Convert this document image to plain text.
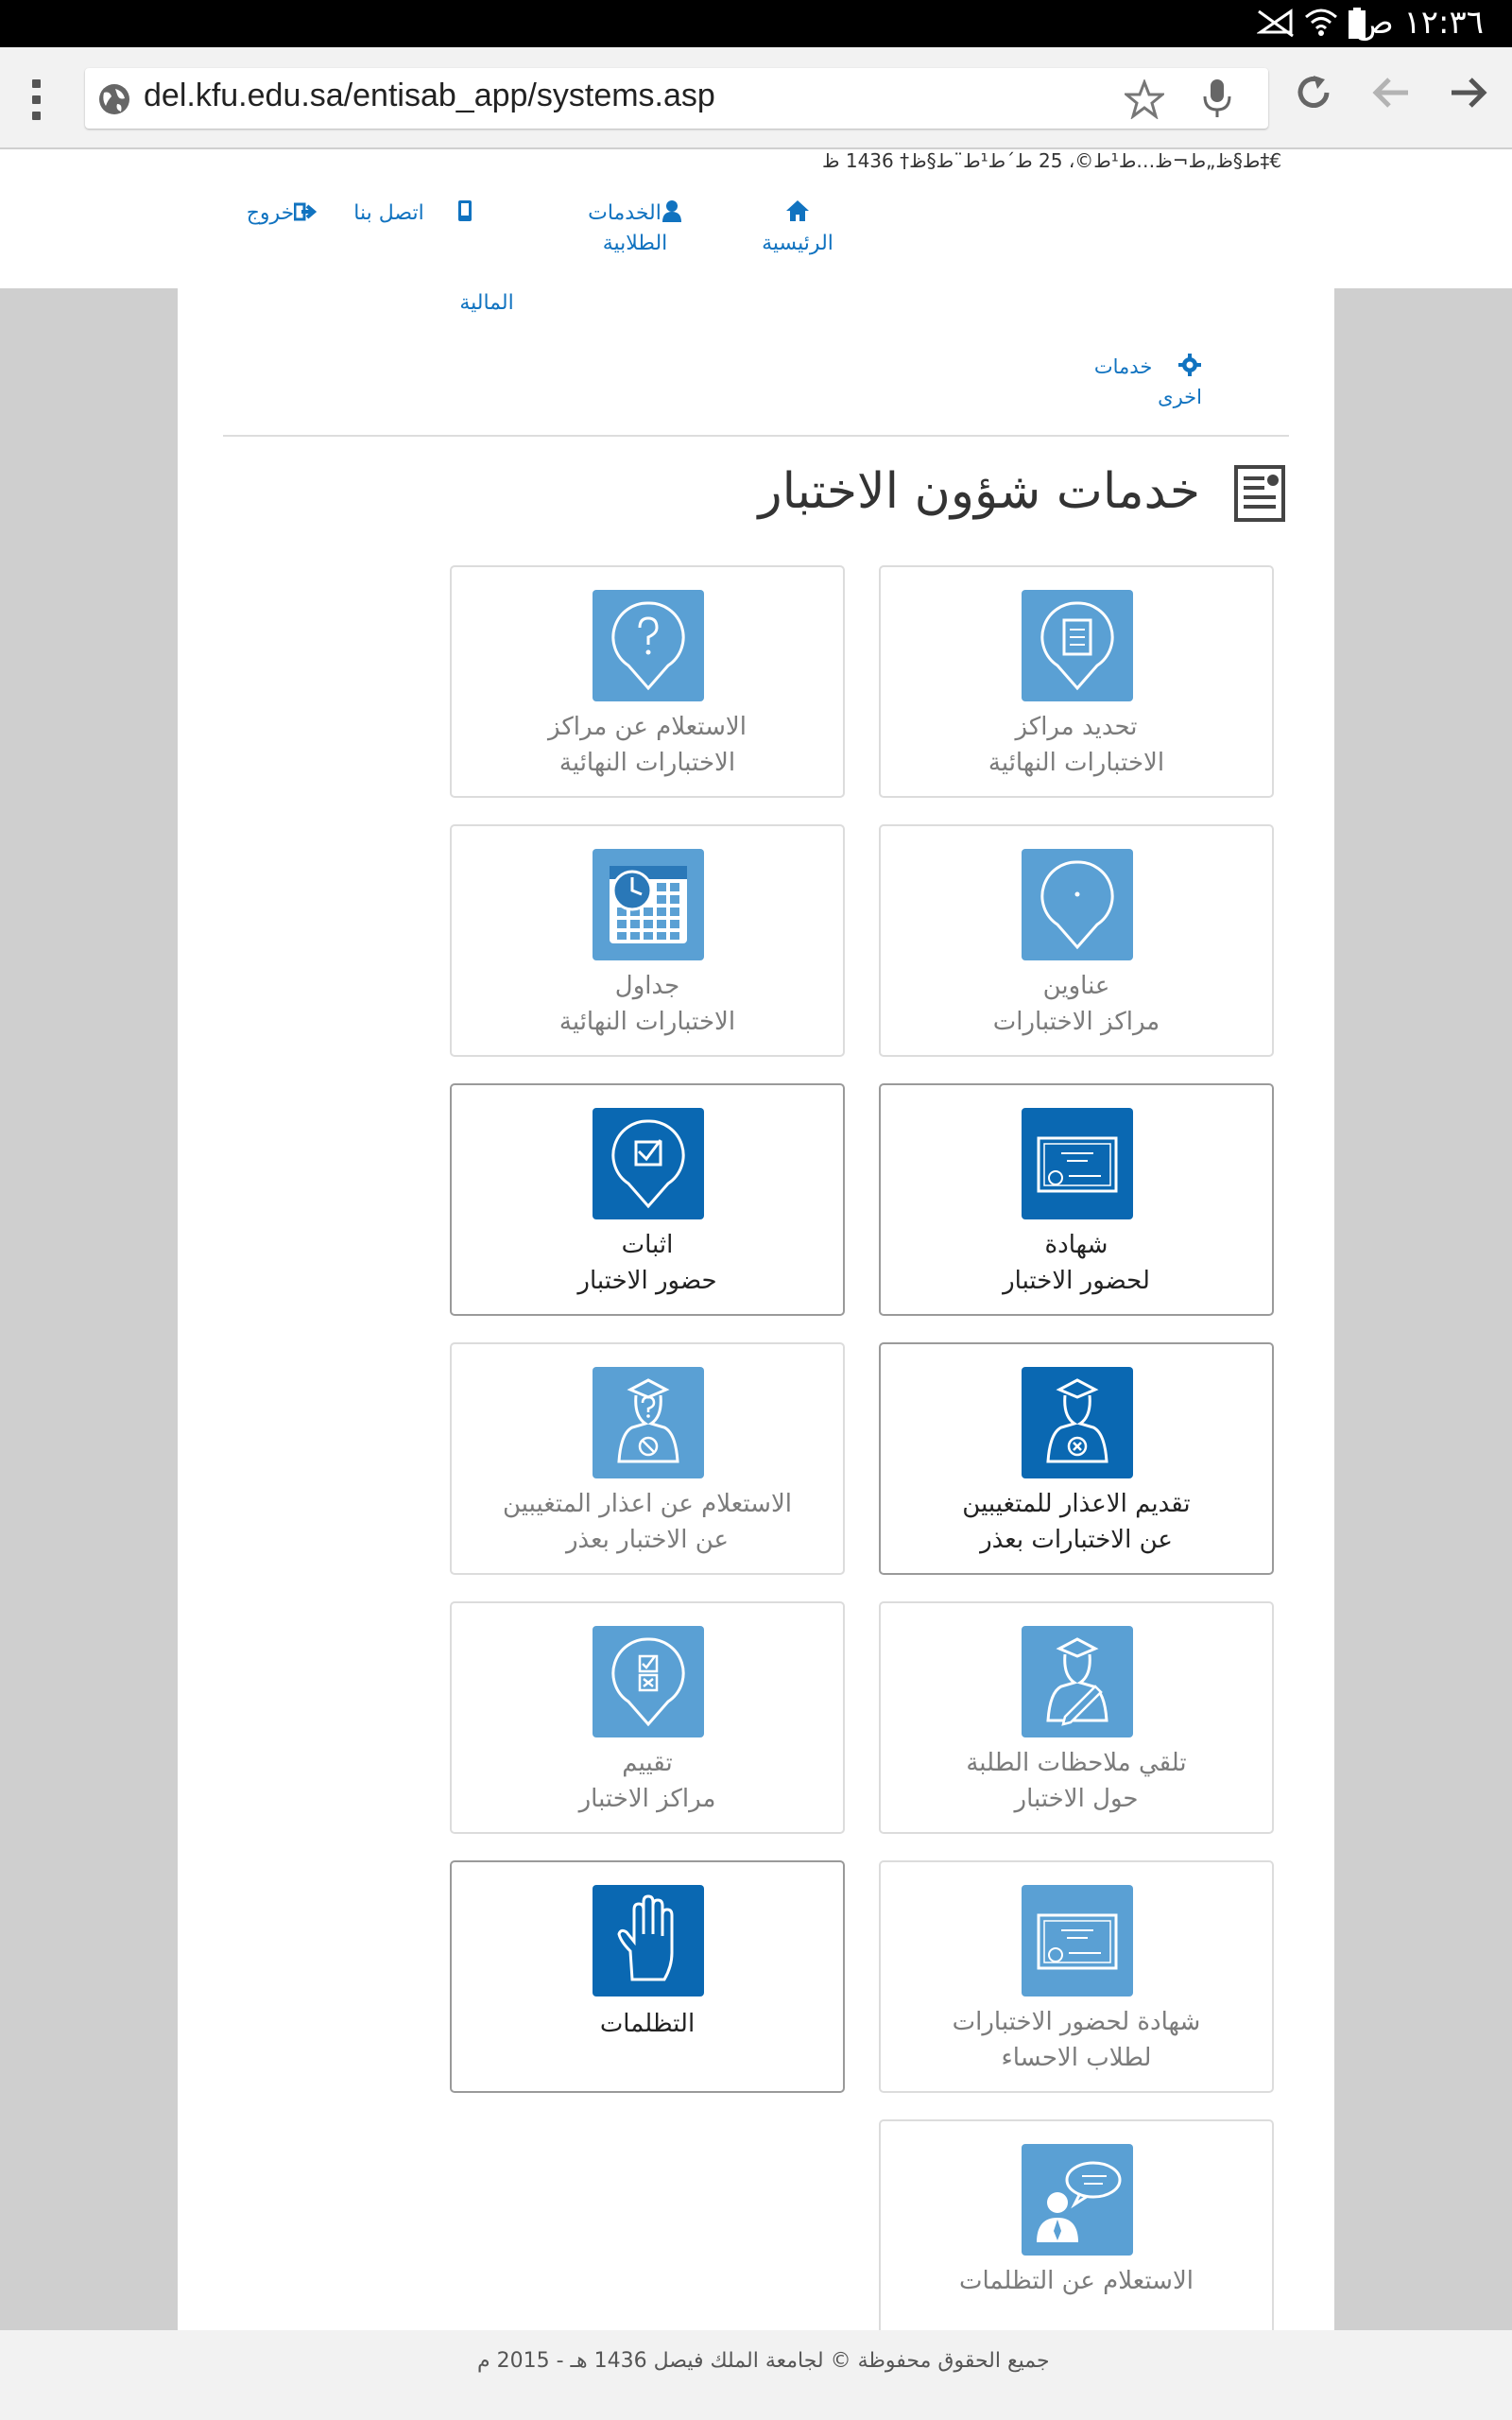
١٢:٣٦ ص
del.kfu.edu.sa/entisab_app/systems.asp
ط§ظ„ط¬ظ…ط¹ط©، 25 ط´ط¹ط¨ط§ظ† 1436 ظ‡€
الرئيسية
الخدمات
الطلابية
اتصل بنا
خروج
المالية
خدمات
اخرى
خدمات شؤون الاختبار
تحديد مراكز
الاختبارات النهائية
الاستعلام عن مراكز
الاختبارات النهائية
عناوين
مراكز الاختبارات
جداول
الاختبارات النهائية
شهادة
لحضور الاختبار
اثبات
حضور الاختبار
تقديم الاعذار للمتغيبين
عن الاختبارات بعذر
الاستعلام عن اعذار المتغيبين
عن الاختبار بعذر
تلقي ملاحظات الطلبة
حول الاختبار
تقييم
مراكز الاختبار
شهادة لحضور الاختبارات
لطلاب الاحساء
التظلمات
الاستعلام عن التظلمات
جميع الحقوق محفوظة © لجامعة الملك فيصل 1436 هـ - 2015 م
